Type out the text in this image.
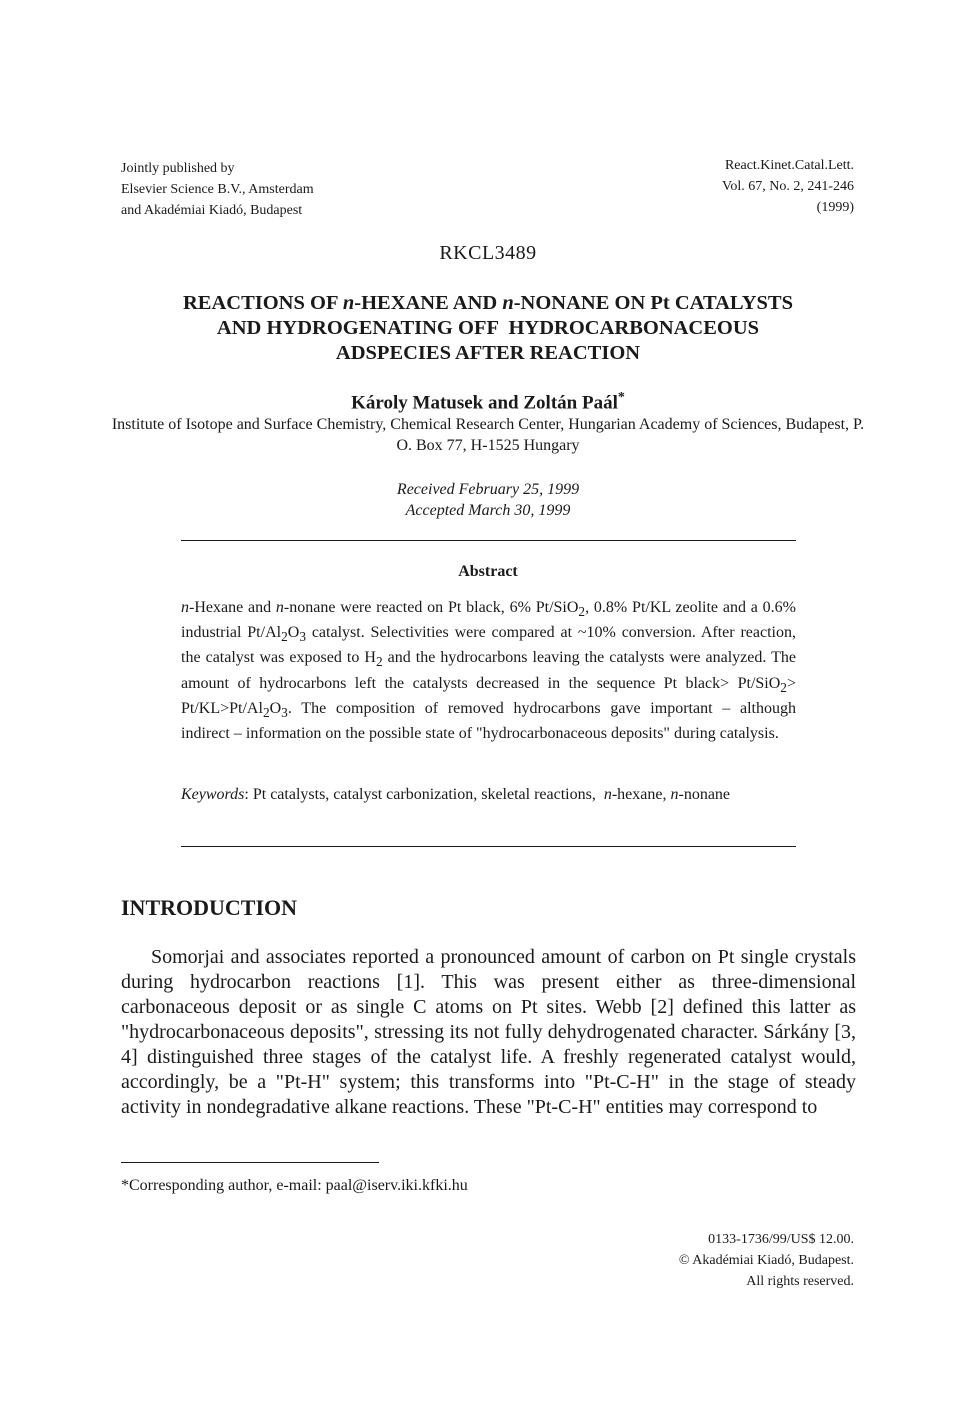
Jointly published by
Elsevier Science B.V., Amsterdam
and Akadémiai Kiadó, Budapest
React.Kinet.Catal.Lett.
Vol. 67, No. 2, 241-246
(1999)
RKCL3489
REACTIONS OF n-HEXANE AND n-NONANE ON Pt CATALYSTS
AND HYDROGENATING OFF  HYDROCARBONACEOUS
ADSPECIES AFTER REACTION
Károly Matusek and Zoltán Paál*
Institute of Isotope and Surface Chemistry, Chemical Research Center, Hungarian Academy of Sciences, Budapest, P. O. Box 77, H-1525 Hungary
Received February 25, 1999
Accepted March 30, 1999
Abstract
n-Hexane and n-nonane were reacted on Pt black, 6% Pt/SiO$_2$, 0.8% Pt/KL zeolite and a 0.6% industrial $Pt/Al_2O_3$ catalyst. Selectivities were compared at ~10% conversion. After reaction, the catalyst was exposed to $H_2$ and the hydrocarbons leaving the catalysts were analyzed. The amount of hydrocarbons left the catalysts decreased in the sequence Pt black> $Pt/SiO_2> Pt/KL>Pt/Al_2O_3$. The composition of removed hydrocarbons gave important – although indirect – information on the possible state of "hydrocarbonaceous deposits" during catalysis.
Keywords: Pt catalysts, catalyst carbonization, skeletal reactions,  n-hexane, n-nonane
INTRODUCTION
Somorjai and associates reported a pronounced amount of carbon on Pt single crystals during hydrocarbon reactions [1]. This was present either as three-dimensional carbonaceous deposit or as single C atoms on Pt sites. Webb [2] defined this latter as "hydrocarbonaceous deposits", stressing its not fully dehydrogenated character. Sárkány [3, 4] distinguished three stages of the catalyst life. A freshly regenerated catalyst would, accordingly, be a "Pt-H" system; this transforms into "Pt-C-H" in the stage of steady activity in nondegradative alkane reactions. These "Pt-C-H" entities may correspond to
*Corresponding author, e-mail: paal@iserv.iki.kfki.hu
0133-1736/99/US$ 12.00.
© Akadémiai Kiadó, Budapest.
All rights reserved.
